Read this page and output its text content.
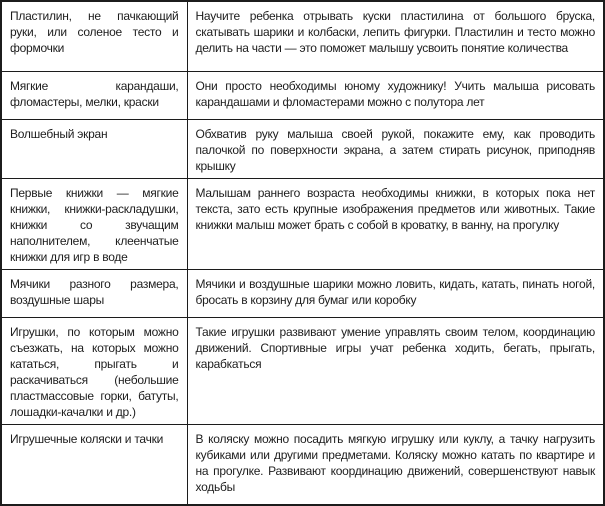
Пластилин, не пачкающий руки, или соленое тесто и формочки	Научите ребенка отрывать куски пластилина от большого бруска, скатывать шарики и колбаски, лепить фигурки. Пластилин и тесто можно делить на части — это поможет малышу усвоить понятие количества
Мягкие карандаши, фломастеры, мелки, краски	Они просто необходимы юному художнику! Учить малыша рисовать карандашами и фломастерами можно с полутора лет
Волшебный экран	Обхватив руку малыша своей рукой, покажите ему, как проводить палочкой по поверхности экрана, а затем стирать рисунок, приподняв крышку
Первые книжки — мягкие книжки, книжки-раскладушки, книжки со звучащим наполнителем, клеенчатые книжки для игр в воде	Малышам раннего возраста необходимы книжки, в которых пока нет текста, зато есть крупные изображения предметов или животных. Такие книжки малыш может брать с собой в кроватку, в ванну, на прогулку
Мячики разного размера, воздушные шары	Мячики и воздушные шарики можно ловить, кидать, катать, пинать ногой, бросать в корзину для бумаг или коробку
Игрушки, по которым можно съезжать, на которых можно кататься, прыгать и раскачиваться (небольшие пластмассовые горки, батуты, лошадки-качалки и др.)	Такие игрушки развивают умение управлять своим телом, координацию движений. Спортивные игры учат ребенка ходить, бегать, прыгать, карабкаться
Игрушечные коляски и тачки	В коляску можно посадить мягкую игрушку или куклу, а тачку нагрузить кубиками или другими предметами. Коляску можно катать по квартире и на прогулке. Развивают координацию движений, совершенствуют навык ходьбы
